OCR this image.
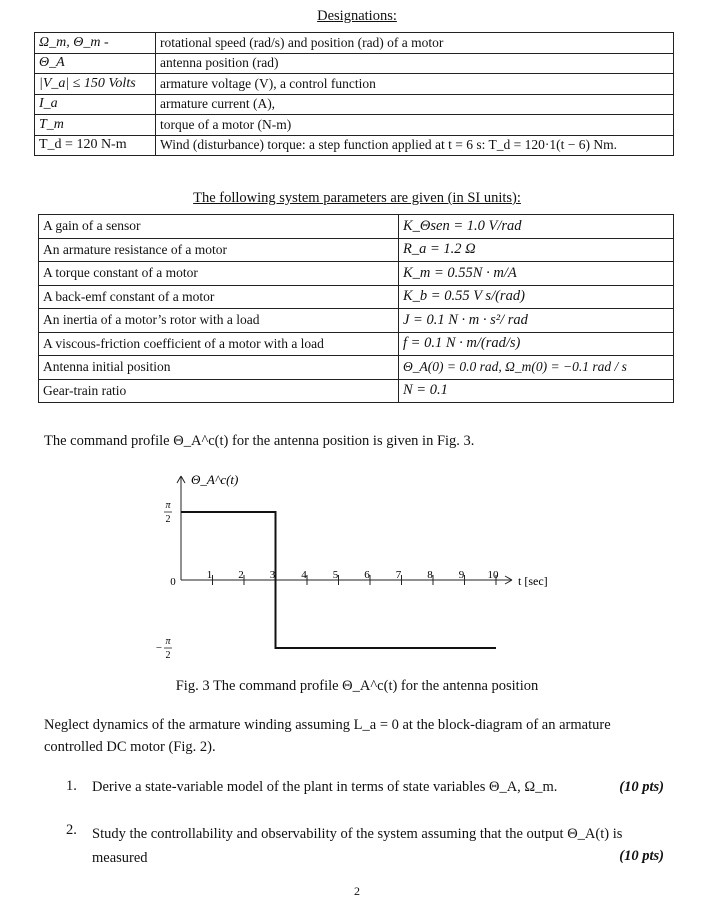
Designations:
Ω_m, Θ_m -	rotational speed (rad/s) and position (rad) of a motor
Θ_A	antenna position (rad)
|V_a| ≤ 150 Volts	armature voltage (V), a control function
I_a	armature current (A),
T_m	torque of a motor (N-m)
T_d = 120 N-m	Wind (disturbance) torque: a step function applied at t = 6 s: T_d = 120·1(t − 6) Nm.
The following system parameters are given (in SI units):
A gain of a sensor	K_Θsen = 1.0 V/rad
An armature resistance of a motor	R_a = 1.2 Ω
A torque constant of a motor	K_m = 0.55N · m/A
A back-emf constant of a motor	K_b = 0.55 V s/(rad)
An inertia of a motor’s rotor with a load	J = 0.1 N · m · s²/ rad
A viscous-friction coefficient of a motor with a load	f = 0.1 N · m/(rad/s)
Antenna initial position	Θ_A(0) = 0.0 rad, Ω_m(0) = −0.1 rad / s
Gear-train ratio	N = 0.1
The command profile Θ_A^c(t) for the antenna position is given in Fig. 3.
Θ_A^c(t)
t [sec]
0
1 2 3 4 5 6 7 8 9 10
π
2
π
2
−
Fig. 3 The command profile Θ_A^c(t) for the antenna position
Neglect dynamics of the armature winding assuming L_a = 0 at the block-diagram of an armature controlled DC motor (Fig. 2).
1. Derive a state-variable model of the plant in terms of state variables Θ_A, Ω_m.	(10 pts)
2. Study the controllability and observability of the system assuming that the output Θ_A(t) is measured	(10 pts)
2
